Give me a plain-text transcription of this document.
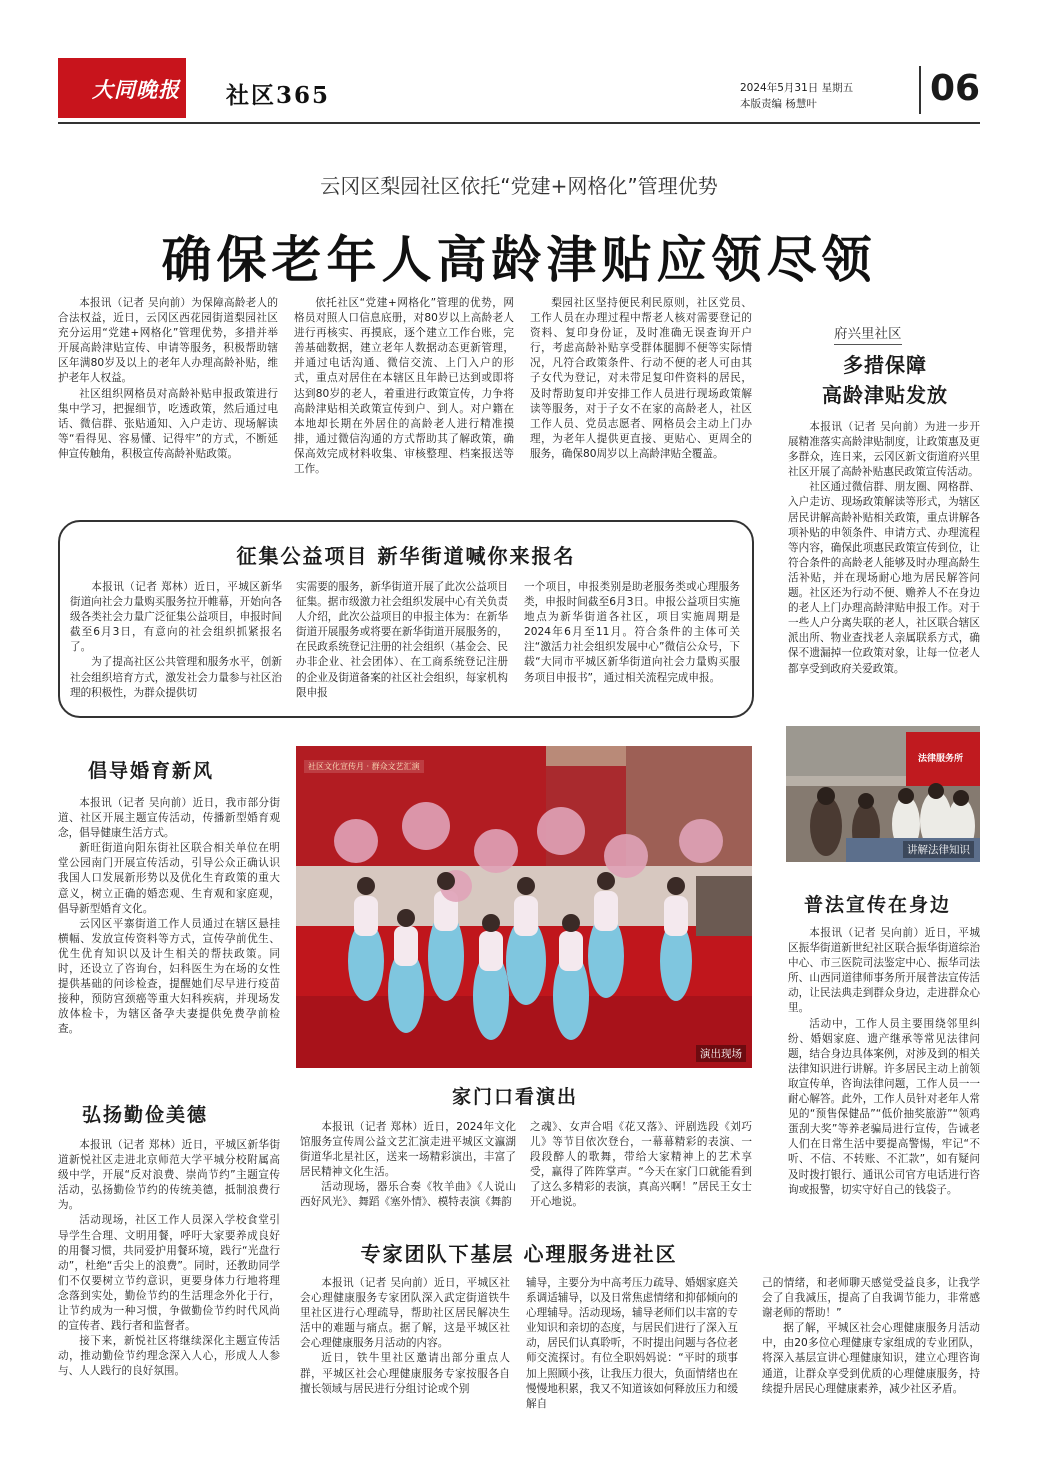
大同晚报 社区365	2024年5月31日 星期五
本版责编 杨慧叶	06
云冈区梨园社区依托“党建+网格化”管理优势
确保老年人高龄津贴应领尽领

本报讯（记者 吴向前）为保障高龄老人的合法权益，近日，云冈区西花园街道梨园社区充分运用“党建+网格化”管理优势，多措并举开展高龄津贴宣传、申请等服务，积极帮助辖区年满80岁及以上的老年人办理高龄补贴，维护老年人权益。

社区组织网格员对高龄补贴申报政策进行集中学习，把握细节，吃透政策，然后通过电话、微信群、张贴通知、入户走访、现场解读等“看得见、容易懂、记得牢”的方式，不断延伸宣传触角，积极宣传高龄补贴政策。

依托社区“党建+网格化”管理的优势，网格员对照人口信息底册，对80岁以上高龄老人进行再核实、再摸底，逐个建立工作台账，完善基础数据，建立老年人数据动态更新管理，并通过电话沟通、微信交流、上门入户的形式，重点对居住在本辖区且年龄已达到或即将达到80岁的老人，着重进行政策宣传，力争将高龄津贴相关政策宣传到户、到人。对户籍在本地却长期在外居住的高龄老人进行精准摸排，通过微信沟通的方式帮助其了解政策，确保高效完成材料收集、审核整理、档案报送等工作。

梨园社区坚持便民利民原则，社区党员、工作人员在办理过程中帮老人核对需要登记的资料、复印身份证，及时准确无误查询开户行，考虑高龄补贴享受群体腿脚不便等实际情况，凡符合政策条件、行动不便的老人可由其子女代为登记，对未带足复印件资料的居民，及时帮助复印并安排工作人员进行现场政策解读等服务，对于子女不在家的高龄老人，社区工作人员、党员志愿者、网格员会主动上门办理，为老年人提供更直接、更贴心、更周全的服务，确保80周岁以上高龄津贴全覆盖。

府兴里社区
多措保障
高龄津贴发放

本报讯（记者 吴向前）为进一步开展精准落实高龄津贴制度，让政策惠及更多群众，连日来，云冈区新文街道府兴里社区开展了高龄补贴惠民政策宣传活动。

社区通过微信群、朋友圈、网格群、入户走访、现场政策解读等形式，为辖区居民讲解高龄补贴相关政策，重点讲解各项补贴的申领条件、申请方式、办理流程等内容，确保此项惠民政策宣传到位，让符合条件的高龄老人能够及时办理高龄生活补贴，并在现场耐心地为居民解答问题。社区还为行动不便、赡养人不在身边的老人上门办理高龄津贴申报工作。对于一些人户分离失联的老人，社区联合辖区派出所、物业查找老人亲属联系方式，确保不遗漏掉一位政策对象，让每一位老人都享受到政府关爱政策。

征集公益项目 新华街道喊你来报名

本报讯（记者 郑林）近日，平城区新华街道向社会力量购买服务拉开帷幕，开始向各级各类社会力量广泛征集公益项目，申报时间截至6月3日，有意向的社会组织抓紧报名了。

为了提高社区公共管理和服务水平，创新社会组织培育方式，激发社会力量参与社区治理的积极性，为群众提供切

实需要的服务，新华街道开展了此次公益项目征集。据市级激力社会组织发展中心有关负责人介绍，此次公益项目的申报主体为：在新华街道开展服务或将要在新华街道开展服务的，在民政系统登记注册的社会组织（基金会、民办非企业、社会团体）、在工商系统登记注册的企业及街道备案的社区社会组织，每家机构限申报

一个项目，申报类别是助老服务类或心理服务类，申报时间截至6月3日。申报公益项目实施地点为新华街道各社区，项目实施周期是2024年6月至11月。符合条件的主体可关注“激活力社会组织发展中心”微信公众号，下载“大同市平城区新华街道向社会力量购买服务项目申报书”，通过相关流程完成申报。

倡导婚育新风

本报讯（记者 吴向前）近日，我市部分街道、社区开展主题宣传活动，传播新型婚育观念，倡导健康生活方式。

新旺街道向阳东街社区联合相关单位在明堂公园南门开展宣传活动，引导公众正确认识我国人口发展新形势以及优化生育政策的重大意义，树立正确的婚恋观、生育观和家庭观，倡导新型婚育文化。

云冈区平寨街道工作人员通过在辖区悬挂横幅、发放宣传资料等方式，宣传孕前优生、优生优育知识以及计生相关的帮扶政策。同时，还设立了咨询台，妇科医生为在场的女性提供基础的问诊检查，提醒她们尽早进行疫苗接种，预防宫颈癌等重大妇科疾病，并现场发放体检卡，为辖区备孕夫妻提供免费孕前检查。

弘扬勤俭美德

本报讯（记者 郑林）近日，平城区新华街道新悦社区走进北京师范大学平城分校附属高级中学，开展“反对浪费、崇尚节约”主题宣传活动，弘扬勤俭节约的传统美德，抵制浪费行为。

活动现场，社区工作人员深入学校食堂引导学生合理、文明用餐，呼吁大家要养成良好的用餐习惯，共同爱护用餐环境，践行“光盘行动”，杜绝“舌尖上的浪费”。同时，还教助同学们不仅要树立节约意识，更要身体力行地将理念落到实处，勤俭节约的生活理念外化于行，让节约成为一种习惯，争做勤俭节约时代风尚的宣传者、践行者和监督者。

接下来，新悦社区将继续深化主题宣传活动，推动勤俭节约理念深入人心，形成人人参与、人人践行的良好氛围。

社区文化宣传月 · 群众文艺汇演
演出现场
家门口看演出

本报讯（记者 郑林）近日，2024年文化馆服务宣传周公益文艺汇演走进平城区文瀛湖街道华北星社区，送来一场精彩演出，丰富了居民精神文化生活。

活动现场，器乐合奏《牧羊曲》《人说山西好风光》、舞蹈《塞外情》、模特表演《舞韵

之魂》、女声合唱《花又落》、评剧选段《刘巧儿》等节目依次登台，一幕幕精彩的表演、一段段醉人的歌舞，带给大家精神上的艺术享受，赢得了阵阵掌声。“今天在家门口就能看到了这么多精彩的表演，真高兴啊！”居民王女士开心地说。

法律服务所
讲解法律知识
普法宣传在身边

本报讯（记者 吴向前）近日，平城区振华街道新世纪社区联合振华街道综治中心、市三医院司法鉴定中心、振华司法所、山西同道律师事务所开展普法宣传活动，让民法典走到群众身边，走进群众心里。

活动中，工作人员主要围绕邻里纠纷、婚姻家庭、遗产继承等常见法律问题，结合身边具体案例，对涉及到的相关法律知识进行讲解。许多居民主动上前领取宣传单，咨询法律问题，工作人员一一耐心解答。此外，工作人员针对老年人常见的“预售保健品”“低价抽奖旅游”“领鸡蛋刮大奖”等养老骗局进行宣传，告诫老人们在日常生活中要提高警惕，牢记“不听、不信、不转账、不汇款”，如有疑问及时拨打银行、通讯公司官方电话进行咨询或报警，切实守好自己的钱袋子。

专家团队下基层 心理服务进社区

本报讯（记者 吴向前）近日，平城区社会心理健康服务专家团队深入武定街道铁牛里社区进行心理疏导，帮助社区居民解决生活中的难题与痛点。据了解，这是平城区社会心理健康服务月活动的内容。

近日，铁牛里社区邀请出部分重点人群，平城区社会心理健康服务专家按服各自擅长领域与居民进行分组讨论或个别

辅导，主要分为中高考压力疏导、婚姻家庭关系调适辅导，以及日常焦虑情绪和抑郁倾向的心理辅导。活动现场，辅导老师们以丰富的专业知识和亲切的态度，与居民们进行了深入互动，居民们认真聆听，不时提出问题与各位老师交流探讨。有位全职妈妈说：“平时的琐事加上照顾小孩，让我压力很大，负面情绪也在慢慢地积累，我又不知道该如何释放压力和缓解自

己的情绪，和老师聊天感觉受益良多，让我学会了自我减压，提高了自我调节能力，非常感谢老师的帮助！”

据了解，平城区社会心理健康服务月活动中，由20多位心理健康专家组成的专业团队，将深入基层宣讲心理健康知识，建立心理咨询通道，让群众享受到优质的心理健康服务，持续提升居民心理健康素养，减少社区矛盾。
